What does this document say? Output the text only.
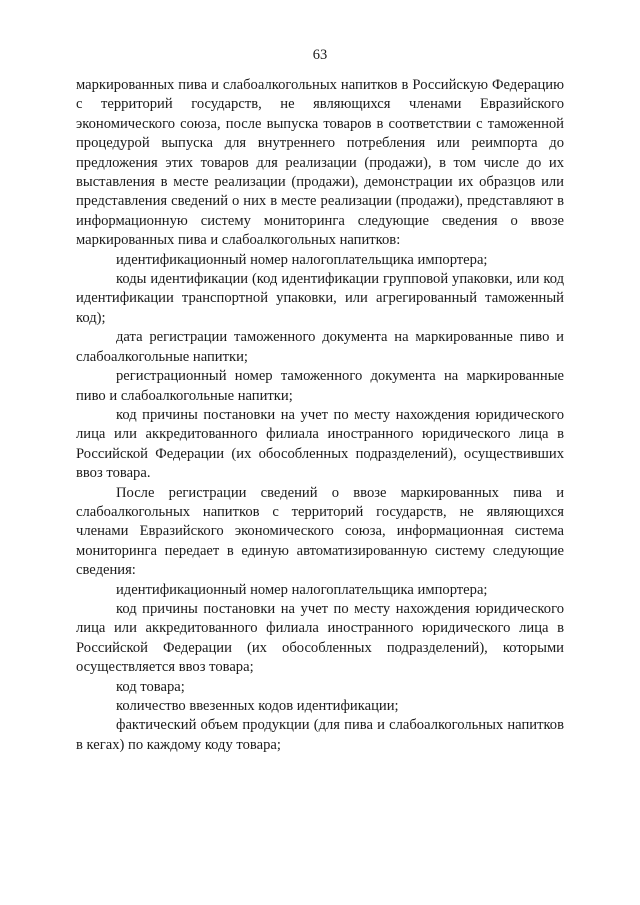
63

маркированных пива и слабоалкогольных напитков в Российскую Федерацию с территорий государств, не являющихся членами Евразийского экономического союза, после выпуска товаров в соответствии с таможенной процедурой выпуска для внутреннего потребления или реимпорта до предложения этих товаров для реализации (продажи), в том числе до их выставления в месте реализации (продажи), демонстрации их образцов или представления сведений о них в месте реализации (продажи), представляют в информационную систему мониторинга следующие сведения о ввозе маркированных пива и слабоалкогольных напитков:

идентификационный номер налогоплательщика импортера;

коды идентификации (код идентификации групповой упаковки, или код идентификации транспортной упаковки, или агрегированный таможенный код);

дата регистрации таможенного документа на маркированные пиво и слабоалкогольные напитки;

регистрационный номер таможенного документа на маркированные пиво и слабоалкогольные напитки;

код причины постановки на учет по месту нахождения юридического лица или аккредитованного филиала иностранного юридического лица в Российской Федерации (их обособленных подразделений), осуществивших ввоз товара.

После регистрации сведений о ввозе маркированных пива и слабоалкогольных напитков с территорий государств, не являющихся членами Евразийского экономического союза, информационная система мониторинга передает в единую автоматизированную систему следующие сведения:

идентификационный номер налогоплательщика импортера;

код причины постановки на учет по месту нахождения юридического лица или аккредитованного филиала иностранного юридического лица в Российской Федерации (их обособленных подразделений), которыми осуществляется ввоз товара;

код товара;

количество ввезенных кодов идентификации;

фактический объем продукции (для пива и слабоалкогольных напитков в кегах) по каждому коду товара;
